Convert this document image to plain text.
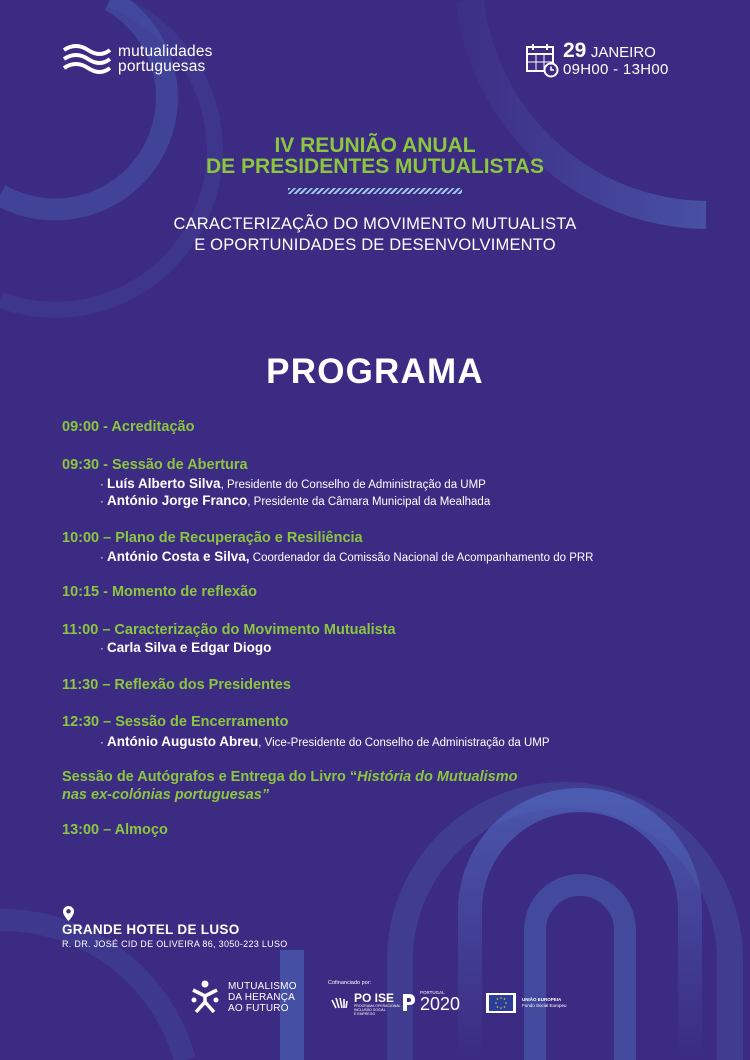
mutualidades
portuguesas
29 JANEIRO
09H00 - 13H00
IV REUNIÃO ANUAL
DE PRESIDENTES MUTUALISTAS
CARACTERIZAÇÃO DO MOVIMENTO MUTUALISTA
E OPORTUNIDADES DE DESENVOLVIMENTO
PROGRAMA
09:00 - Acreditação
09:30 - Sessão de Abertura
· Luís Alberto Silva, Presidente do Conselho de Administração da UMP
· António Jorge Franco, Presidente da Câmara Municipal da Mealhada
10:00 – Plano de Recuperação e Resiliência
· António Costa e Silva, Coordenador da Comissão Nacional de Acompanhamento do PRR
10:15 - Momento de reflexão
11:00 – Caracterização do Movimento Mutualista
· Carla Silva e Edgar Diogo
11:30 – Reflexão dos Presidentes
12:30 – Sessão de Encerramento
· António Augusto Abreu, Vice-Presidente do Conselho de Administração da UMP
Sessão de Autógrafos e Entrega do Livro “História do Mutualismo
nas ex-colónias portuguesas”
13:00 – Almoço
GRANDE HOTEL DE LUSO
R. DR. JOSÉ CID DE OLIVEIRA 86, 3050-223 LUSO
MUTUALISMO
DA HERANÇA
AO FUTURO
Cofinanciado por:
PO ISE
PROGRAMA OPERACIONAL
INCLUSÃO SOCIAL
E EMPREGO
PORTUGAL
2020	UNIÃO EUROPEIA
Fundo Social Europeu
